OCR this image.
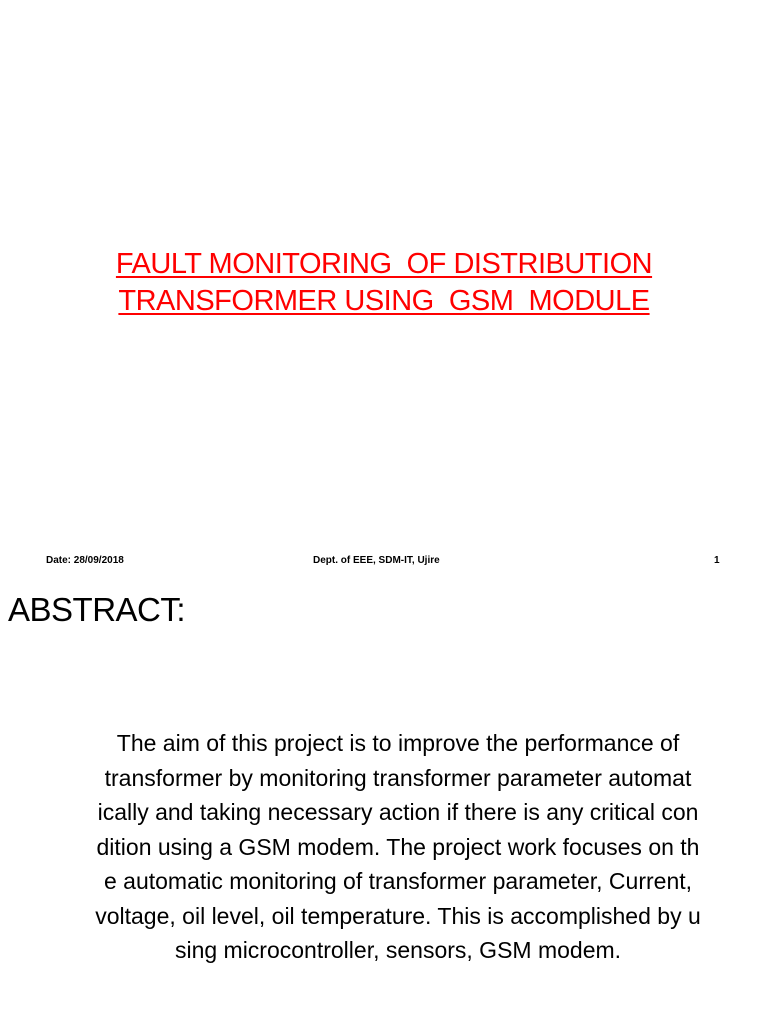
FAULT MONITORING  OF DISTRIBUTION
TRANSFORMER USING  GSM  MODULE
Date: 28/09/2018	Dept. of EEE, SDM-IT, Ujire	1
ABSTRACT:
The aim of this project is to improve the performance of
transformer by monitoring transformer parameter automat
ically and taking necessary action if there is any critical con
dition using a GSM modem. The project work focuses on th
e automatic monitoring of transformer parameter, Current,
voltage, oil level, oil temperature. This is accomplished by u
sing microcontroller, sensors, GSM modem.
